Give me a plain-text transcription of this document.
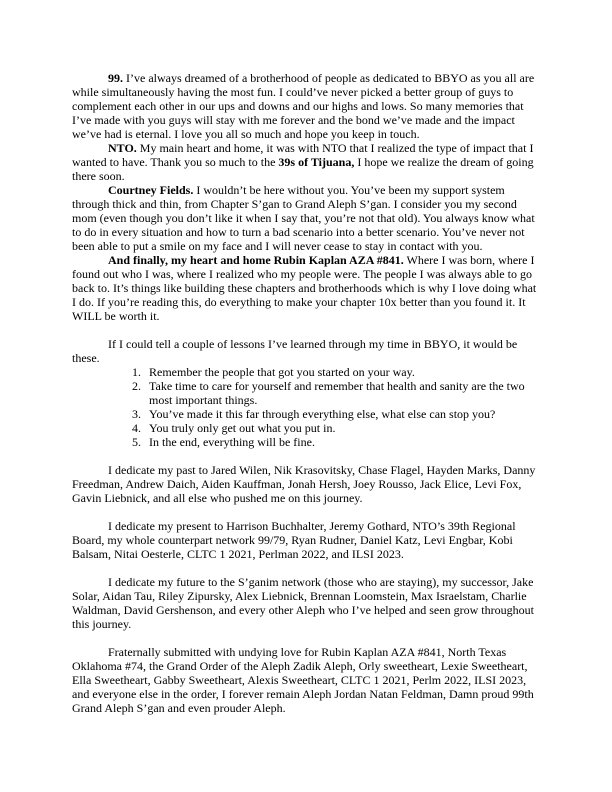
99. I’ve always dreamed of a brotherhood of people as dedicated to BBYO as you all are while simultaneously having the most fun. I could’ve never picked a better group of guys to complement each other in our ups and downs and our highs and lows. So many memories that I’ve made with you guys will stay with me forever and the bond we’ve made and the impact we’ve had is eternal. I love you all so much and hope you keep in touch.

NTO. My main heart and home, it was with NTO that I realized the type of impact that I wanted to have. Thank you so much to the 39s of Tijuana, I hope we realize the dream of going there soon.

Courtney Fields. I wouldn’t be here without you. You’ve been my support system through thick and thin, from Chapter S’gan to Grand Aleph S’gan. I consider you my second mom (even though you don’t like it when I say that, you’re not that old). You always know what to do in every situation and how to turn a bad scenario into a better scenario. You’ve never not been able to put a smile on my face and I will never cease to stay in contact with you.

And finally, my heart and home Rubin Kaplan AZA #841. Where I was born, where I found out who I was, where I realized who my people were. The people I was always able to go back to. It’s things like building these chapters and brotherhoods which is why I love doing what I do. If you’re reading this, do everything to make your chapter 10x better than you found it. It WILL be worth it.

If I could tell a couple of lessons I’ve learned through my time in BBYO, it would be these.

1. Remember the people that got you started on your way.
2. Take time to care for yourself and remember that health and sanity are the two most important things.
3. You’ve made it this far through everything else, what else can stop you?
4. You truly only get out what you put in.
5. In the end, everything will be fine.

I dedicate my past to Jared Wilen, Nik Krasovitsky, Chase Flagel, Hayden Marks, Danny Freedman, Andrew Daich, Aiden Kauffman, Jonah Hersh, Joey Rousso, Jack Elice, Levi Fox, Gavin Liebnick, and all else who pushed me on this journey.

I dedicate my present to Harrison Buchhalter, Jeremy Gothard, NTO’s 39th Regional Board, my whole counterpart network 99/79, Ryan Rudner, Daniel Katz, Levi Engbar, Kobi Balsam, Nitai Oesterle, CLTC 1 2021, Perlman 2022, and ILSI 2023.

I dedicate my future to the S’ganim network (those who are staying), my successor, Jake Solar, Aidan Tau, Riley Zipursky, Alex Liebnick, Brennan Loomstein, Max Israelstam, Charlie Waldman, David Gershenson, and every other Aleph who I’ve helped and seen grow throughout this journey.

Fraternally submitted with undying love for Rubin Kaplan AZA #841, North Texas Oklahoma #74, the Grand Order of the Aleph Zadik Aleph, Orly sweetheart, Lexie Sweetheart, Ella Sweetheart, Gabby Sweetheart, Alexis Sweetheart, CLTC 1 2021, Perlm 2022, ILSI 2023, and everyone else in the order, I forever remain Aleph Jordan Natan Feldman, Damn proud 99th Grand Aleph S’gan and even prouder Aleph.
